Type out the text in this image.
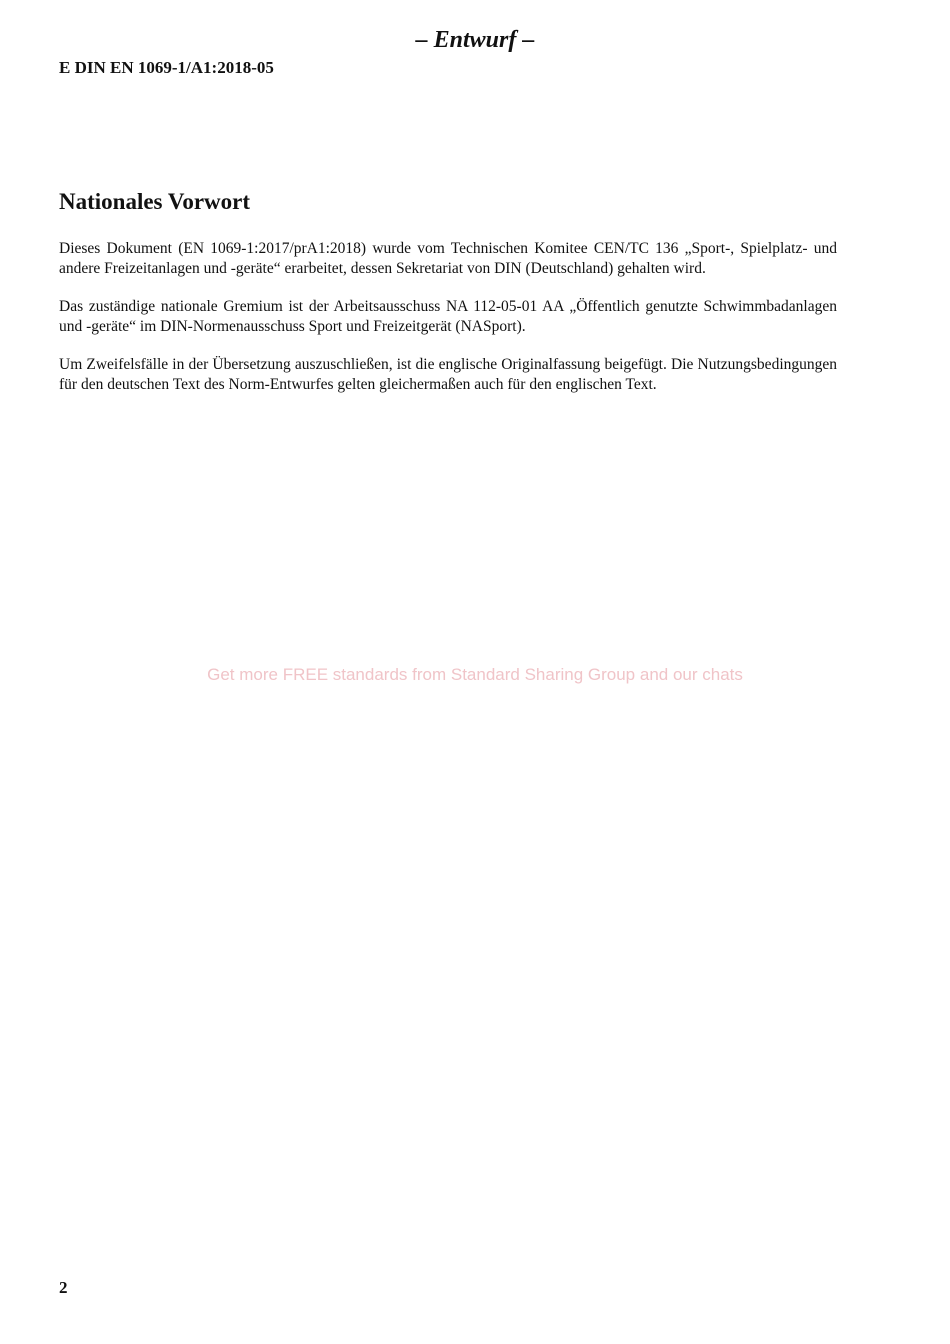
– Entwurf –

E DIN EN 1069-1/A1:2018-05

Nationales Vorwort

Dieses Dokument (EN 1069-1:2017/prA1:2018) wurde vom Technischen Komitee CEN/TC 136 „Sport-, Spielplatz- und andere Freizeitanlagen und -geräte“ erarbeitet, dessen Sekretariat von DIN (Deutschland) gehalten wird.

Das zuständige nationale Gremium ist der Arbeitsausschuss NA 112-05-01 AA „Öffentlich genutzte Schwimmbadanlagen und -geräte“ im DIN-Normenausschuss Sport und Freizeitgerät (NASport).

Um Zweifelsfälle in der Übersetzung auszuschließen, ist die englische Originalfassung beigefügt. Die Nutzungsbedingungen für den deutschen Text des Norm-Entwurfes gelten gleichermaßen auch für den englischen Text.

Get more FREE standards from Standard Sharing Group and our chats

2
